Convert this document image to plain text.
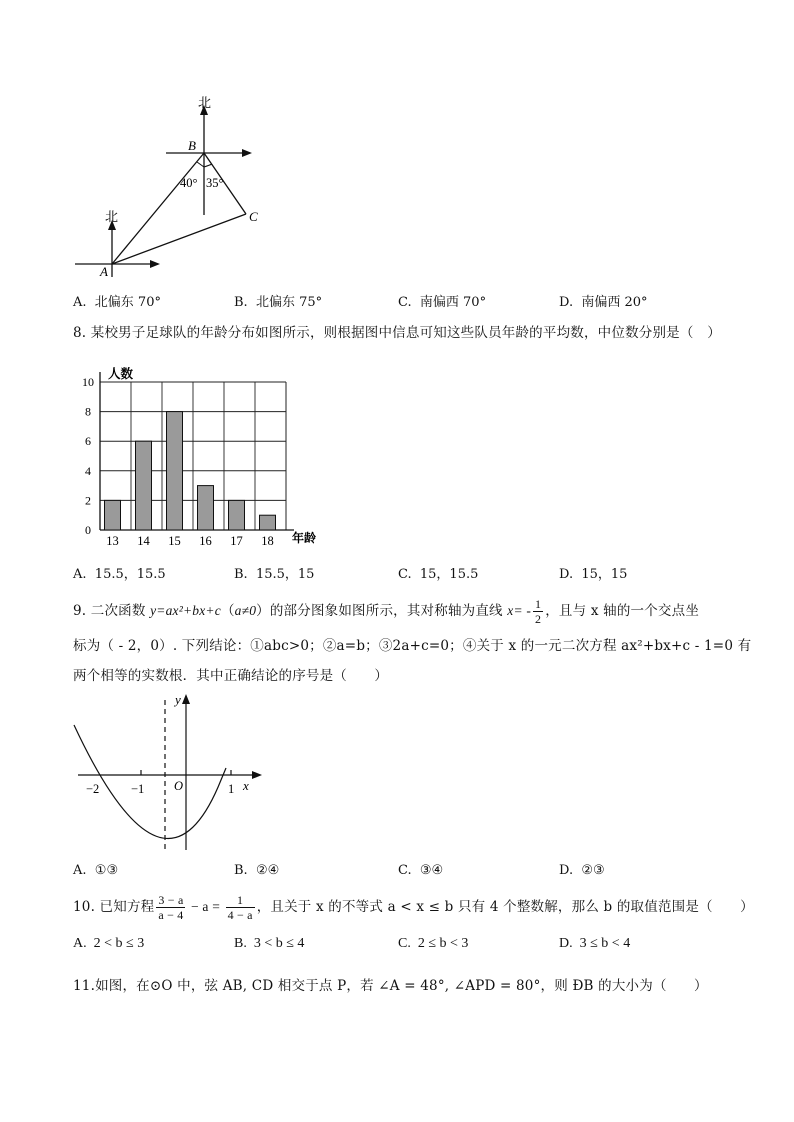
北
北
B
A
C
40° 35°
A. 北偏东 70°	B. 北偏东 75°	C. 南偏西 70°	D. 南偏西 20°
8. 某校男子足球队的年龄分布如图所示，则根据图中信息可知这些队员年龄的平均数，中位数分别是（　）
0
2
4
6
8
10
13 14 15 16 17 18
人数
年龄
A. 15.5，15.5	B. 15.5，15	C. 15，15.5	D. 15，15
9. 二次函数 y=ax²+bx+c（a≠0）的部分图象如图所示，其对称轴为直线 $x= - \frac{1}{2}$ ，且与 x 轴的一个交点坐
标为（ - 2，0）. 下列结论：①abc>0；②a=b；③2a+c=0；④关于 x 的一元二次方程 ax²+bx+c - 1=0 有
两个相等的实数根．其中正确结论的序号是（　　）
y
x
O
−2	−1	1
A. ①③	B. ②④	C. ③④	D. ②③
10. 已知方程 $\frac{3 - a}{a - 4} - a = \frac{1}{4 - a}$ ，且关于 x 的不等式 a < x ≤ b 只有 4 个整数解，那么 b 的取值范围是（　　）
A. 2 < b ≤ 3	B. 3 < b ≤ 4	C. 2 ≤ b < 3	D. 3 ≤ b < 4
11.如图，在⊙O 中，弦 AB, CD 相交于点 P，若 ∠A = 48°, ∠APD = 80°，则 ÐB 的大小为（　　）
